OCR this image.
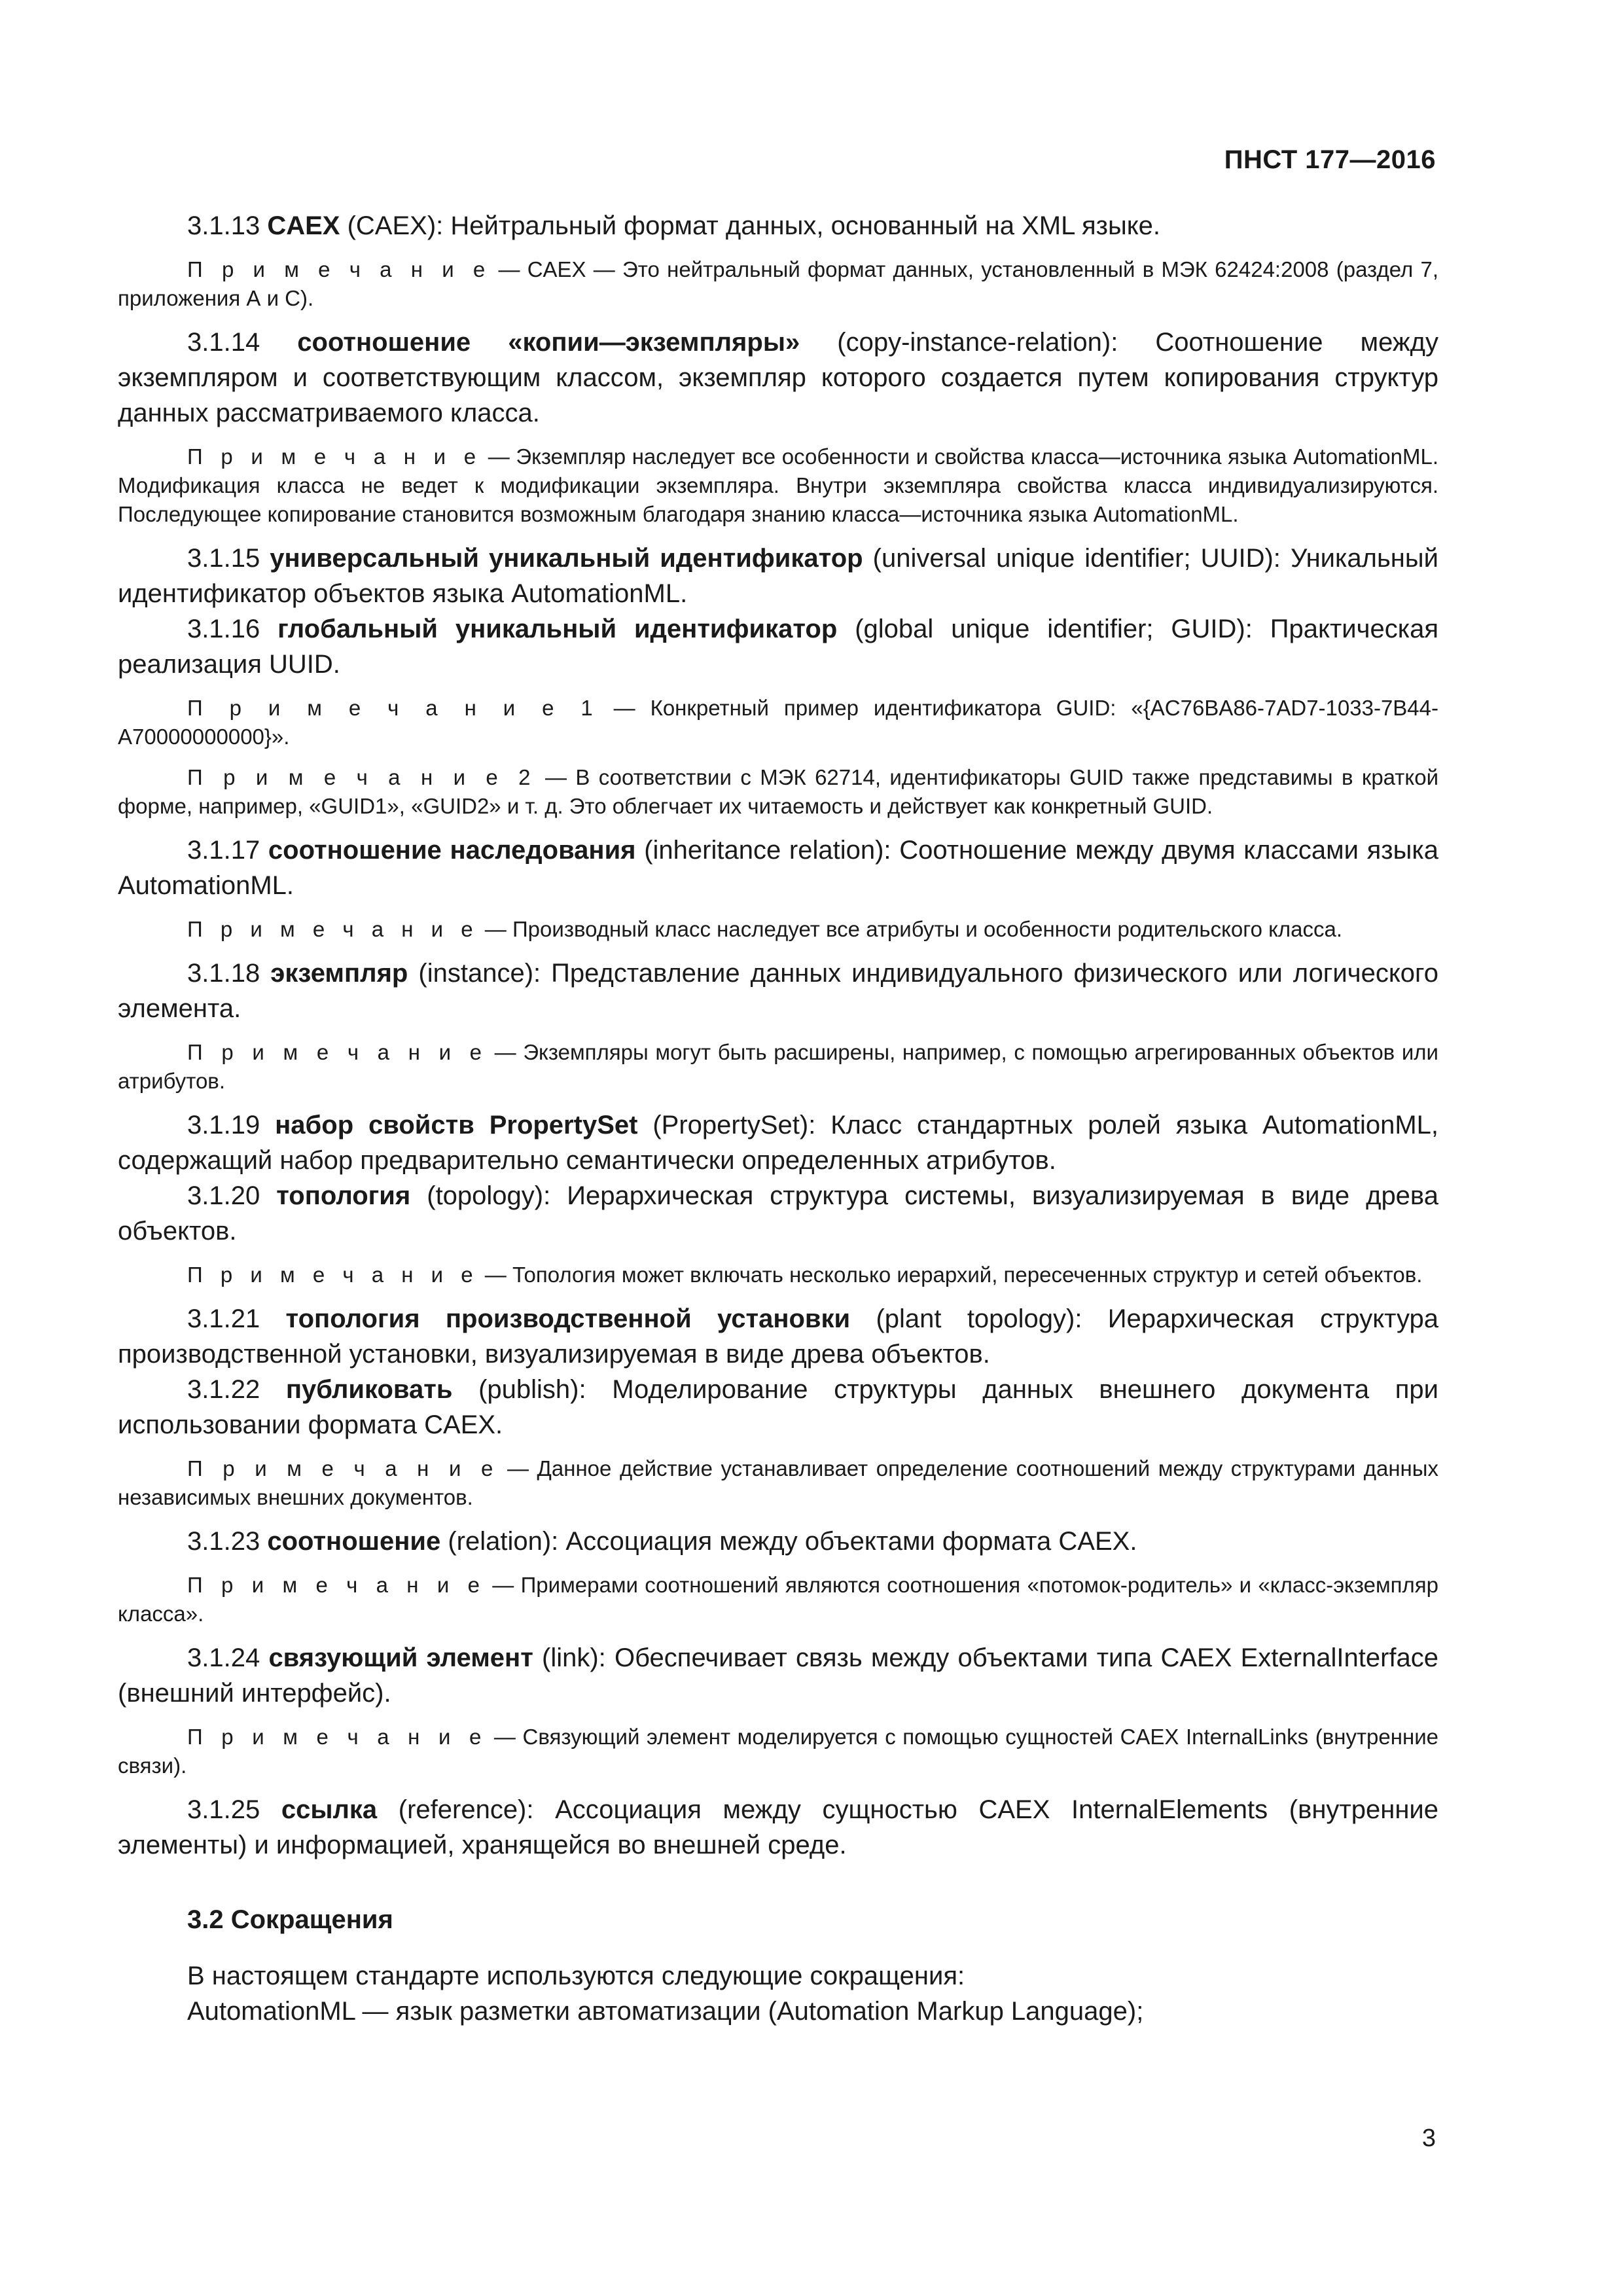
ПНСТ 177—2016

3.1.13 CAEX (CAEX): Нейтральный формат данных, основанный на XML языке.

П р и м е ч а н и е — CAEX — Это нейтральный формат данных, установленный в МЭК 62424:2008 (раздел 7, приложения А и С).

3.1.14 соотношение «копии—экземпляры» (copy-instance-relation): Соотношение между экземпляром и соответствующим классом, экземпляр которого создается путем копирования структур данных рассматриваемого класса.

П р и м е ч а н и е — Экземпляр наследует все особенности и свойства класса—источника языка AutomationML. Модификация класса не ведет к модификации экземпляра. Внутри экземпляра свойства класса индивидуализируются. Последующее копирование становится возможным благодаря знанию класса—источника языка AutomationML.

3.1.15 универсальный уникальный идентификатор (universal unique identifier; UUID): Уникальный идентификатор объектов языка AutomationML.

3.1.16 глобальный уникальный идентификатор (global unique identifier; GUID): Практическая реализация UUID.

П р и м е ч а н и е 1 — Конкретный пример идентификатора GUID: «{AC76BA86-7AD7-1033-7B44-A70000000000}».

П р и м е ч а н и е 2 — В соответствии с МЭК 62714, идентификаторы GUID также представимы в краткой форме, например, «GUID1», «GUID2» и т. д. Это облегчает их читаемость и действует как конкретный GUID.

3.1.17 соотношение наследования (inheritance relation): Соотношение между двумя классами языка AutomationML.

П р и м е ч а н и е — Производный класс наследует все атрибуты и особенности родительского класса.

3.1.18 экземпляр (instance): Представление данных индивидуального физического или логического элемента.

П р и м е ч а н и е — Экземпляры могут быть расширены, например, с помощью агрегированных объектов или атрибутов.

3.1.19 набор свойств PropertySet (PropertySet): Класс стандартных ролей языка AutomationML, содержащий набор предварительно семантически определенных атрибутов.

3.1.20 топология (topology): Иерархическая структура системы, визуализируемая в виде древа объектов.

П р и м е ч а н и е — Топология может включать несколько иерархий, пересеченных структур и сетей объектов.

3.1.21 топология производственной установки (plant topology): Иерархическая структура производственной установки, визуализируемая в виде древа объектов.

3.1.22 публиковать (publish): Моделирование структуры данных внешнего документа при использовании формата CAEX.

П р и м е ч а н и е — Данное действие устанавливает определение соотношений между структурами данных независимых внешних документов.

3.1.23 соотношение (relation): Ассоциация между объектами формата CAEX.

П р и м е ч а н и е — Примерами соотношений являются соотношения «потомок-родитель» и «класс-экземпляр класса».

3.1.24 связующий элемент (link): Обеспечивает связь между объектами типа CAEX ExternalInterface (внешний интерфейс).

П р и м е ч а н и е — Связующий элемент моделируется с помощью сущностей CAEX InternalLinks (внутренние связи).

3.1.25 ссылка (reference): Ассоциация между сущностью CAEX InternalElements (внутренние элементы) и информацией, хранящейся во внешней среде.

3.2 Сокращения

В настоящем стандарте используются следующие сокращения:

AutomationML — язык разметки автоматизации (Automation Markup Language);

3
